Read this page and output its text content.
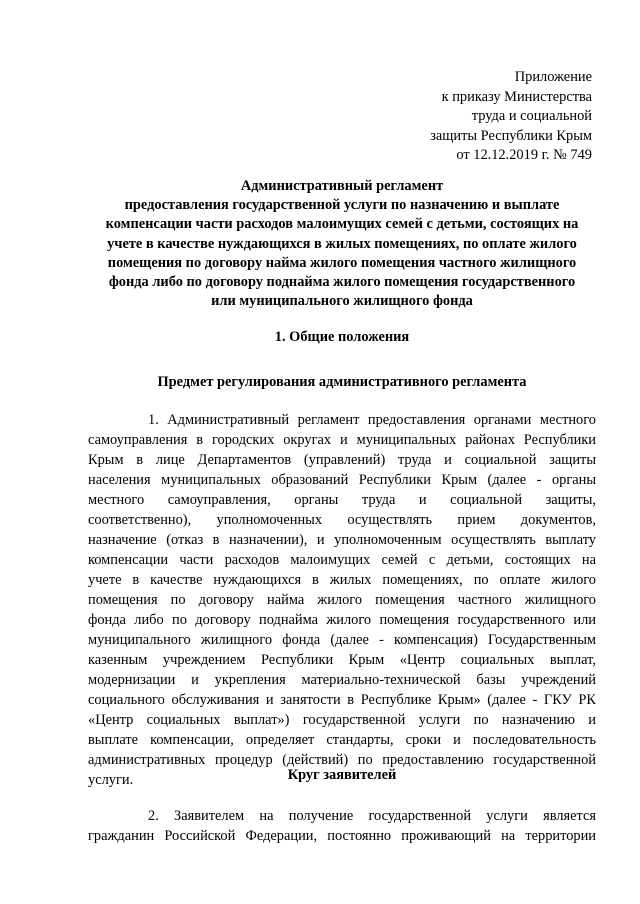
Приложение
к приказу Министерства
труда и социальной
защиты Республики Крым
от 12.12.2019 г. № 749
Административный регламент
предоставления государственной услуги по назначению и выплате
компенсации части расходов малоимущих семей с детьми, состоящих на
учете в качестве нуждающихся в жилых помещениях, по оплате жилого
помещения по договору найма жилого помещения частного жилищного
фонда либо по договору поднайма жилого помещения государственного
или муниципального жилищного фонда
1. Общие положения
Предмет регулирования административного регламента
1. Административный регламент предоставления органами местного
самоуправления в городских округах и муниципальных районах Республики
Крым в лице Департаментов (управлений) труда и социальной защиты
населения муниципальных образований Республики Крым (далее - органы
местного самоуправления, органы труда и социальной защиты,
соответственно), уполномоченных осуществлять прием документов,
назначение (отказ в назначении), и уполномоченным осуществлять выплату
компенсации части расходов малоимущих семей с детьми, состоящих на
учете в качестве нуждающихся в жилых помещениях, по оплате жилого
помещения по договору найма жилого помещения частного жилищного
фонда либо по договору поднайма жилого помещения государственного или
муниципального жилищного фонда (далее - компенсация) Государственным
казенным учреждением Республики Крым «Центр социальных выплат,
модернизации и укрепления материально-технической базы учреждений
социального обслуживания и занятости в Республике Крым» (далее - ГКУ РК
«Центр социальных выплат») государственной услуги по назначению и
выплате компенсации, определяет стандарты, сроки и последовательность
административных процедур (действий) по предоставлению государственной
услуги.	Круг заявителей
2. Заявителем на получение государственной услуги является
гражданин Российской Федерации, постоянно проживающий на территории
